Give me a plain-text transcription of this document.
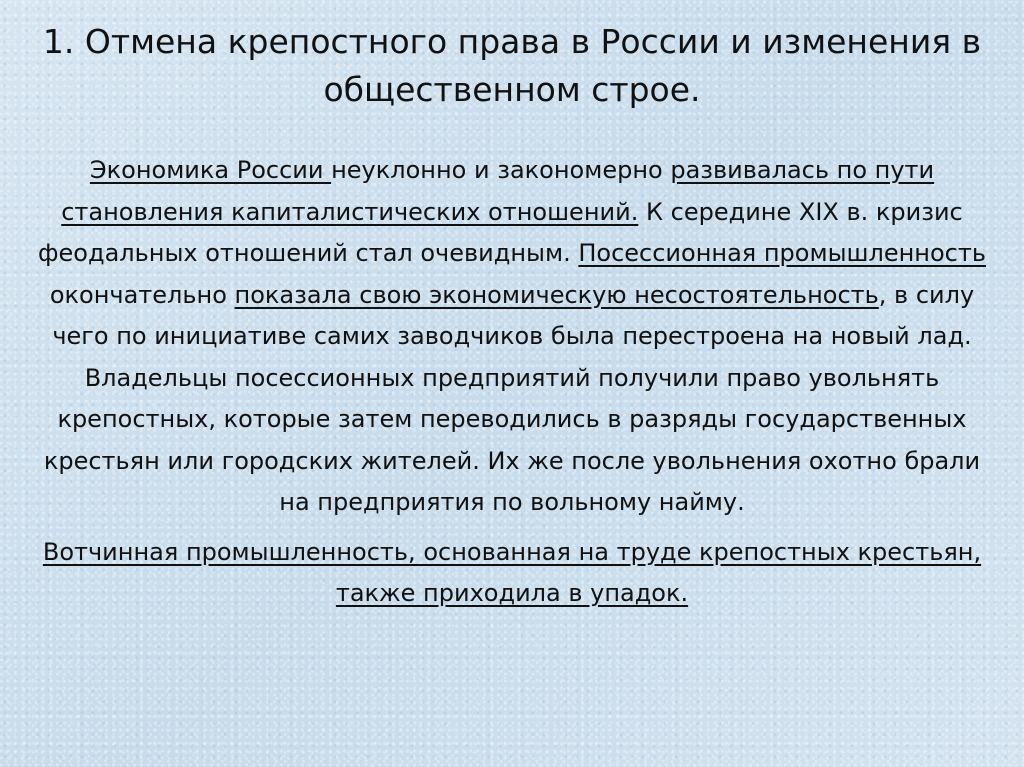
1. Отмена крепостного права в России и изменения в общественном строе.

Экономика России неуклонно и закономерно развивалась по пути становления капиталистических отношений. К середине XIX в. кризис феодальных отношений стал очевидным. Посессионная промышленность окончательно показала свою экономическую несостоятельность, в силу чего по инициативе самих заводчиков была перестроена на новый лад. Владельцы посессионных предприятий получили право увольнять крепостных, которые затем переводились в разряды государственных крестьян или городских жителей. Их же после увольнения охотно брали на предприятия по вольному найму.

Вотчинная промышленность, основанная на труде крепостных крестьян, также приходила в упадок.
